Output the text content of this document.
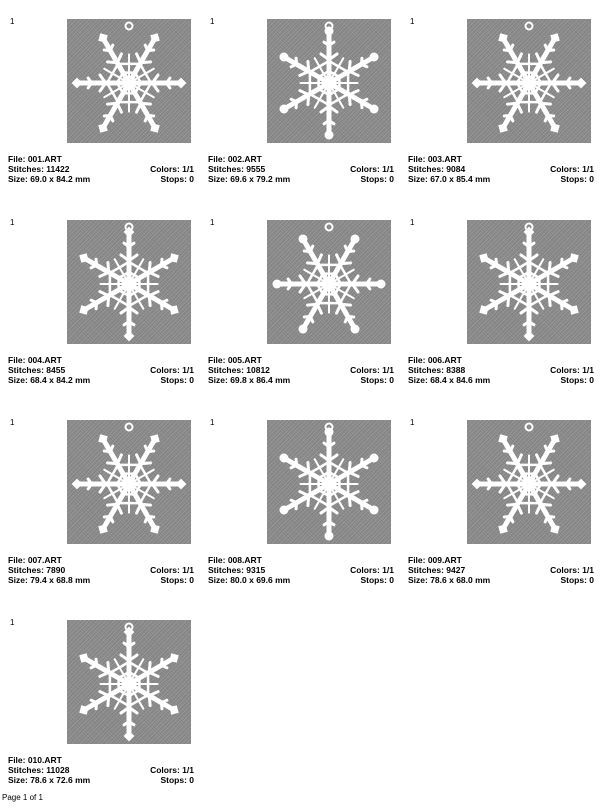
1
File: 001.ART
Stitches: 11422	Colors: 1/1
Size: 69.0 x 84.2 mm	Stops: 0
1
File: 002.ART
Stitches: 9555	Colors: 1/1
Size: 69.6 x 79.2 mm	Stops: 0
1
File: 003.ART
Stitches: 9084	Colors: 1/1
Size: 67.0 x 85.4 mm	Stops: 0
1
File: 004.ART
Stitches: 8455	Colors: 1/1
Size: 68.4 x 84.2 mm	Stops: 0
1
File: 005.ART
Stitches: 10812	Colors: 1/1
Size: 69.8 x 86.4 mm	Stops: 0
1
File: 006.ART
Stitches: 8388	Colors: 1/1
Size: 68.4 x 84.6 mm	Stops: 0
1
File: 007.ART
Stitches: 7890	Colors: 1/1
Size: 79.4 x 68.8 mm	Stops: 0
1
File: 008.ART
Stitches: 9315	Colors: 1/1
Size: 80.0 x 69.6 mm	Stops: 0
1
File: 009.ART
Stitches: 9427	Colors: 1/1
Size: 78.6 x 68.0 mm	Stops: 0
1
File: 010.ART
Stitches: 11028	Colors: 1/1
Size: 78.6 x 72.6 mm	Stops: 0
Page 1 of 1
